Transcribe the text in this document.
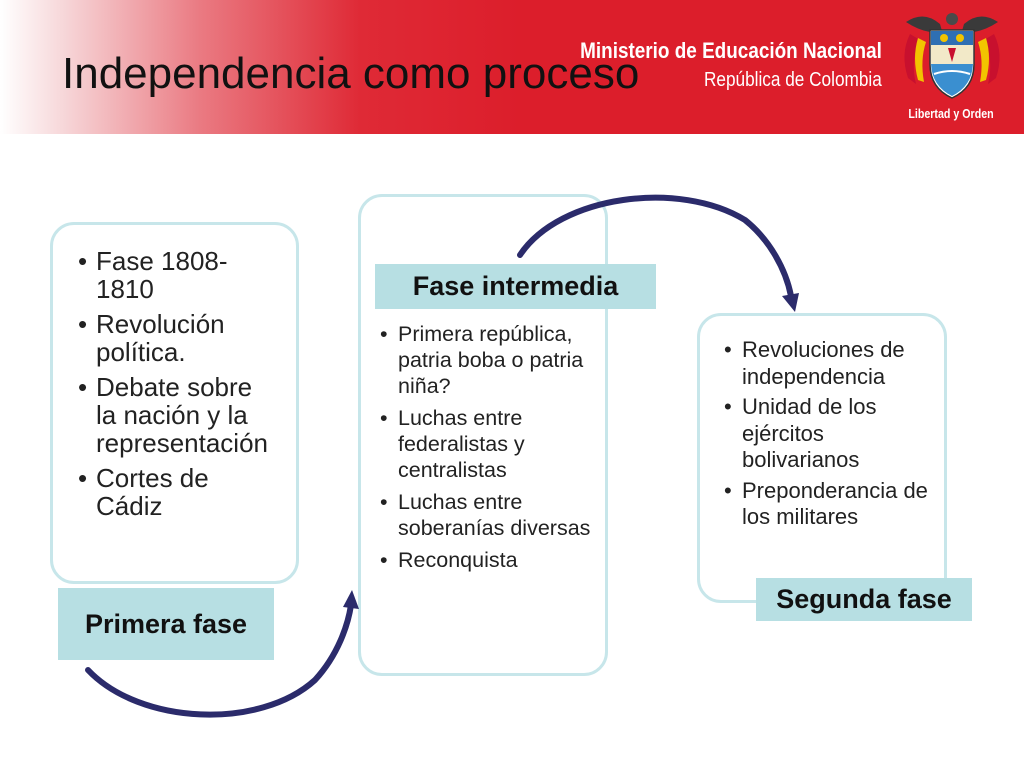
Independencia como proceso
Ministerio de Educación Nacional
República de Colombia
Libertad y Orden
• Fase 1808-1810
• Revolución política.
• Debate sobre la nación y la representación
• Cortes de Cádiz
• Primera república, patria boba o patria niña?
• Luchas entre federalistas y centralistas
• Luchas entre soberanías diversas
• Reconquista
• Revoluciones de independencia
• Unidad de los ejércitos bolivarianos
• Preponderancia de los militares
Primera fase
Fase intermedia
Segunda fase
